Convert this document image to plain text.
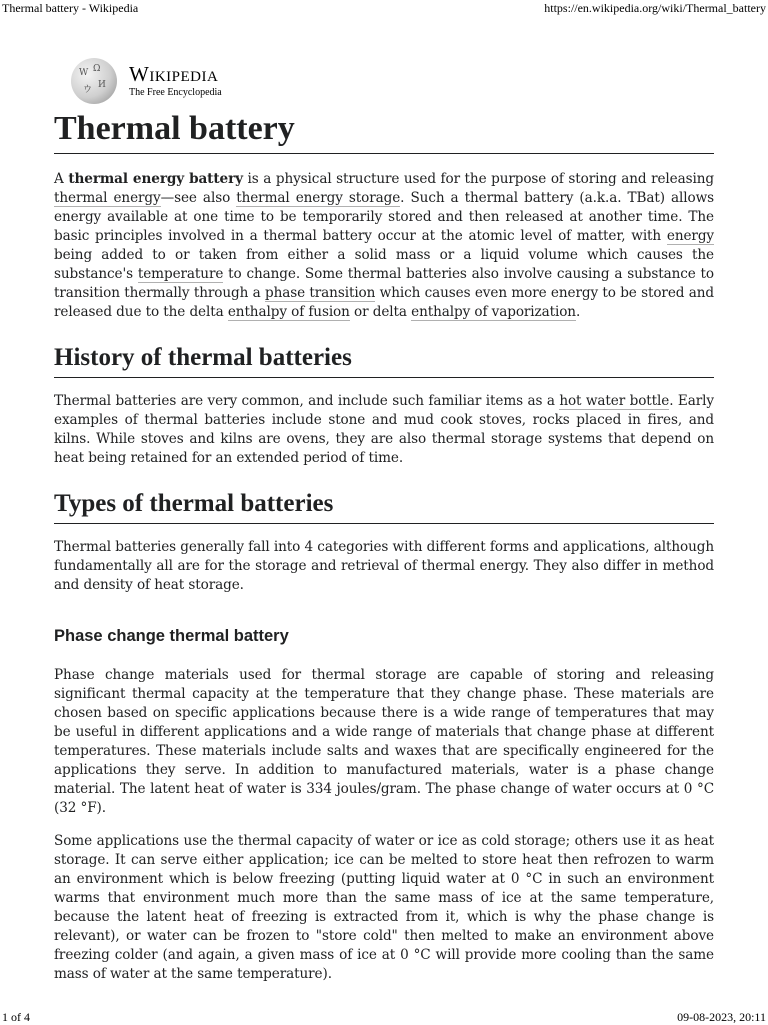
Thermal battery - Wikipedia	https://en.wikipedia.org/wiki/Thermal_battery
W Ω
ウ И Wikipedia
The Free Encyclopedia
Thermal battery

A thermal energy battery is a physical structure used for the purpose of storing and releasing thermal energy—see also thermal energy storage. Such a thermal battery (a.k.a. TBat) allows energy available at one time to be temporarily stored and then released at another time. The basic principles involved in a thermal battery occur at the atomic level of matter, with energy being added to or taken from either a solid mass or a liquid volume which causes the substance's temperature to change. Some thermal batteries also involve causing a substance to transition thermally through a phase transition which causes even more energy to be stored and released due to the delta enthalpy of fusion or delta enthalpy of vaporization.

History of thermal batteries

Thermal batteries are very common, and include such familiar items as a hot water bottle. Early examples of thermal batteries include stone and mud cook stoves, rocks placed in fires, and kilns. While stoves and kilns are ovens, they are also thermal storage systems that depend on heat being retained for an extended period of time.

Types of thermal batteries

Thermal batteries generally fall into 4 categories with different forms and applications, although fundamentally all are for the storage and retrieval of thermal energy. They also differ in method and density of heat storage.

Phase change thermal battery

Phase change materials used for thermal storage are capable of storing and releasing significant thermal capacity at the temperature that they change phase. These materials are chosen based on specific applications because there is a wide range of temperatures that may be useful in different applications and a wide range of materials that change phase at different temperatures. These materials include salts and waxes that are specifically engineered for the applications they serve. In addition to manufactured materials, water is a phase change material. The latent heat of water is 334 joules/gram. The phase change of water occurs at 0 °C (32 °F).

Some applications use the thermal capacity of water or ice as cold storage; others use it as heat storage. It can serve either application; ice can be melted to store heat then refrozen to warm an environment which is below freezing (putting liquid water at 0 °C in such an environment warms that environment much more than the same mass of ice at the same temperature, because the latent heat of freezing is extracted from it, which is why the phase change is relevant), or water can be frozen to "store cold" then melted to make an environment above freezing colder (and again, a given mass of ice at 0 °C will provide more cooling than the same mass of water at the same temperature).

1 of 4	09-08-2023, 20:11
